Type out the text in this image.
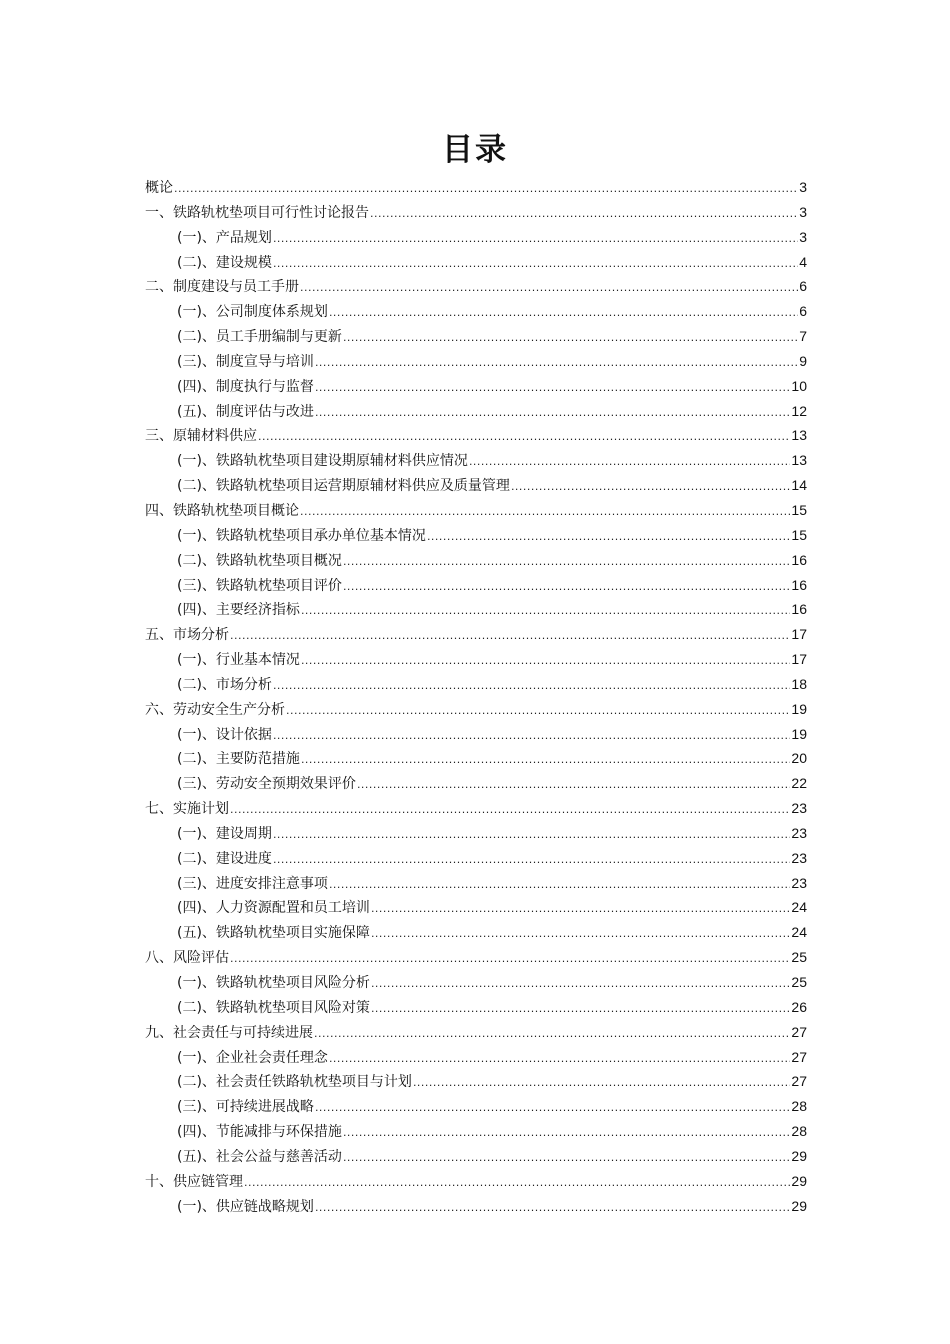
目录
概论 .....	3
一、铁路轨枕垫项目可行性讨论报告 .....	3
(一)、产品规划 .....	3
(二)、建设规模 .....	4
二、制度建设与员工手册 .....	6
(一)、公司制度体系规划 .....	6
(二)、员工手册编制与更新 .....	7
(三)、制度宣导与培训 .....	9
(四)、制度执行与监督 .....	10
(五)、制度评估与改进 .....	12
三、原辅材料供应 .....	13
(一)、铁路轨枕垫项目建设期原辅材料供应情况 .....	13
(二)、铁路轨枕垫项目运营期原辅材料供应及质量管理 .....	14
四、铁路轨枕垫项目概论 .....	15
(一)、铁路轨枕垫项目承办单位基本情况 .....	15
(二)、铁路轨枕垫项目概况 .....	16
(三)、铁路轨枕垫项目评价 .....	16
(四)、主要经济指标 .....	16
五、市场分析 .....	17
(一)、行业基本情况 .....	17
(二)、市场分析 .....	18
六、劳动安全生产分析 .....	19
(一)、设计依据 .....	19
(二)、主要防范措施 .....	20
(三)、劳动安全预期效果评价 .....	22
七、实施计划 .....	23
(一)、建设周期 .....	23
(二)、建设进度 .....	23
(三)、进度安排注意事项 .....	23
(四)、人力资源配置和员工培训 .....	24
(五)、铁路轨枕垫项目实施保障 .....	24
八、风险评估 .....	25
(一)、铁路轨枕垫项目风险分析 .....	25
(二)、铁路轨枕垫项目风险对策 .....	26
九、社会责任与可持续进展 .....	27
(一)、企业社会责任理念 .....	27
(二)、社会责任铁路轨枕垫项目与计划 .....	27
(三)、可持续进展战略 .....	28
(四)、节能减排与环保措施 .....	28
(五)、社会公益与慈善活动 .....	29
十、供应链管理 .....	29
(一)、供应链战略规划 .....	29
